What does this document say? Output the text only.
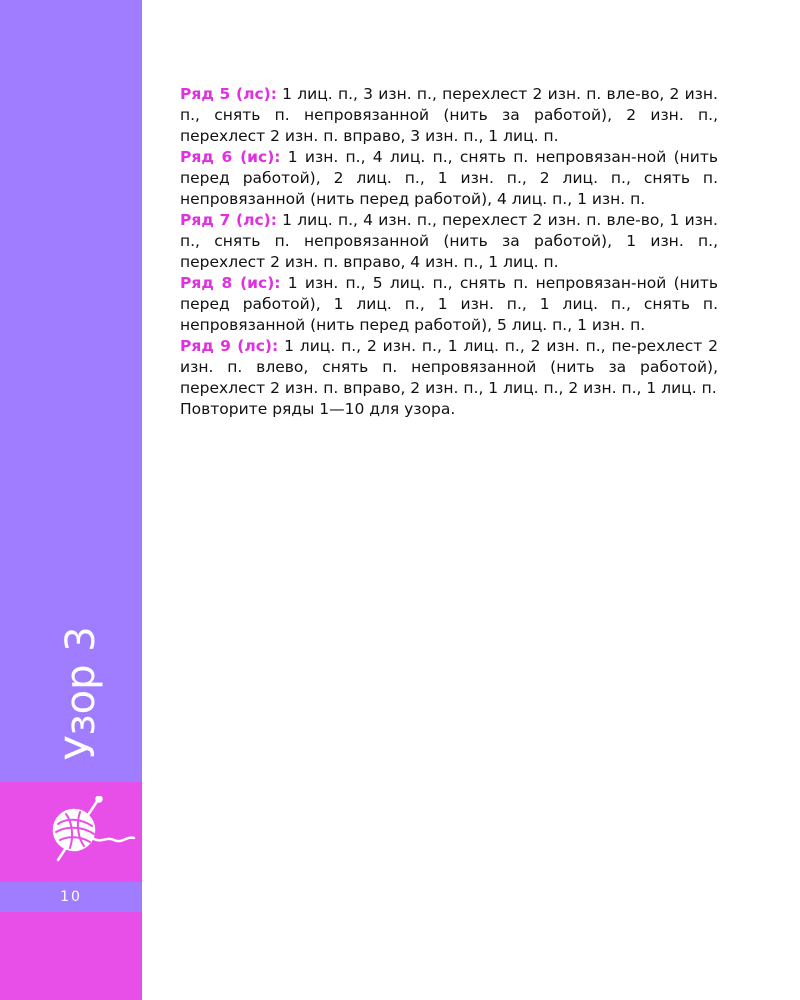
Узор 3
10

Ряд 5 (лс): 1 лиц. п., 3 изн. п., перехлест 2 изн. п. вле-во, 2 изн. п., снять п. непровязанной (нить за работой), 2 изн. п., перехлест 2 изн. п. вправо, 3 изн. п., 1 лиц. п.

Ряд 6 (ис): 1 изн. п., 4 лиц. п., снять п. непровязан-ной (нить перед работой), 2 лиц. п., 1 изн. п., 2 лиц. п., снять п. непровязанной (нить перед работой), 4 лиц. п., 1 изн. п.

Ряд 7 (лс): 1 лиц. п., 4 изн. п., перехлест 2 изн. п. вле-во, 1 изн. п., снять п. непровязанной (нить за работой), 1 изн. п., перехлест 2 изн. п. вправо, 4 изн. п., 1 лиц. п.

Ряд 8 (ис): 1 изн. п., 5 лиц. п., снять п. непровязан-ной (нить перед работой), 1 лиц. п., 1 изн. п., 1 лиц. п., снять п. непровязанной (нить перед работой), 5 лиц. п., 1 изн. п.

Ряд 9 (лс): 1 лиц. п., 2 изн. п., 1 лиц. п., 2 изн. п., пе-рехлест 2 изн. п. влево, снять п. непровязанной (нить за работой), перехлест 2 изн. п. вправо, 2 изн. п., 1 лиц. п., 2 изн. п., 1 лиц. п.

Повторите ряды 1—10 для узора.
